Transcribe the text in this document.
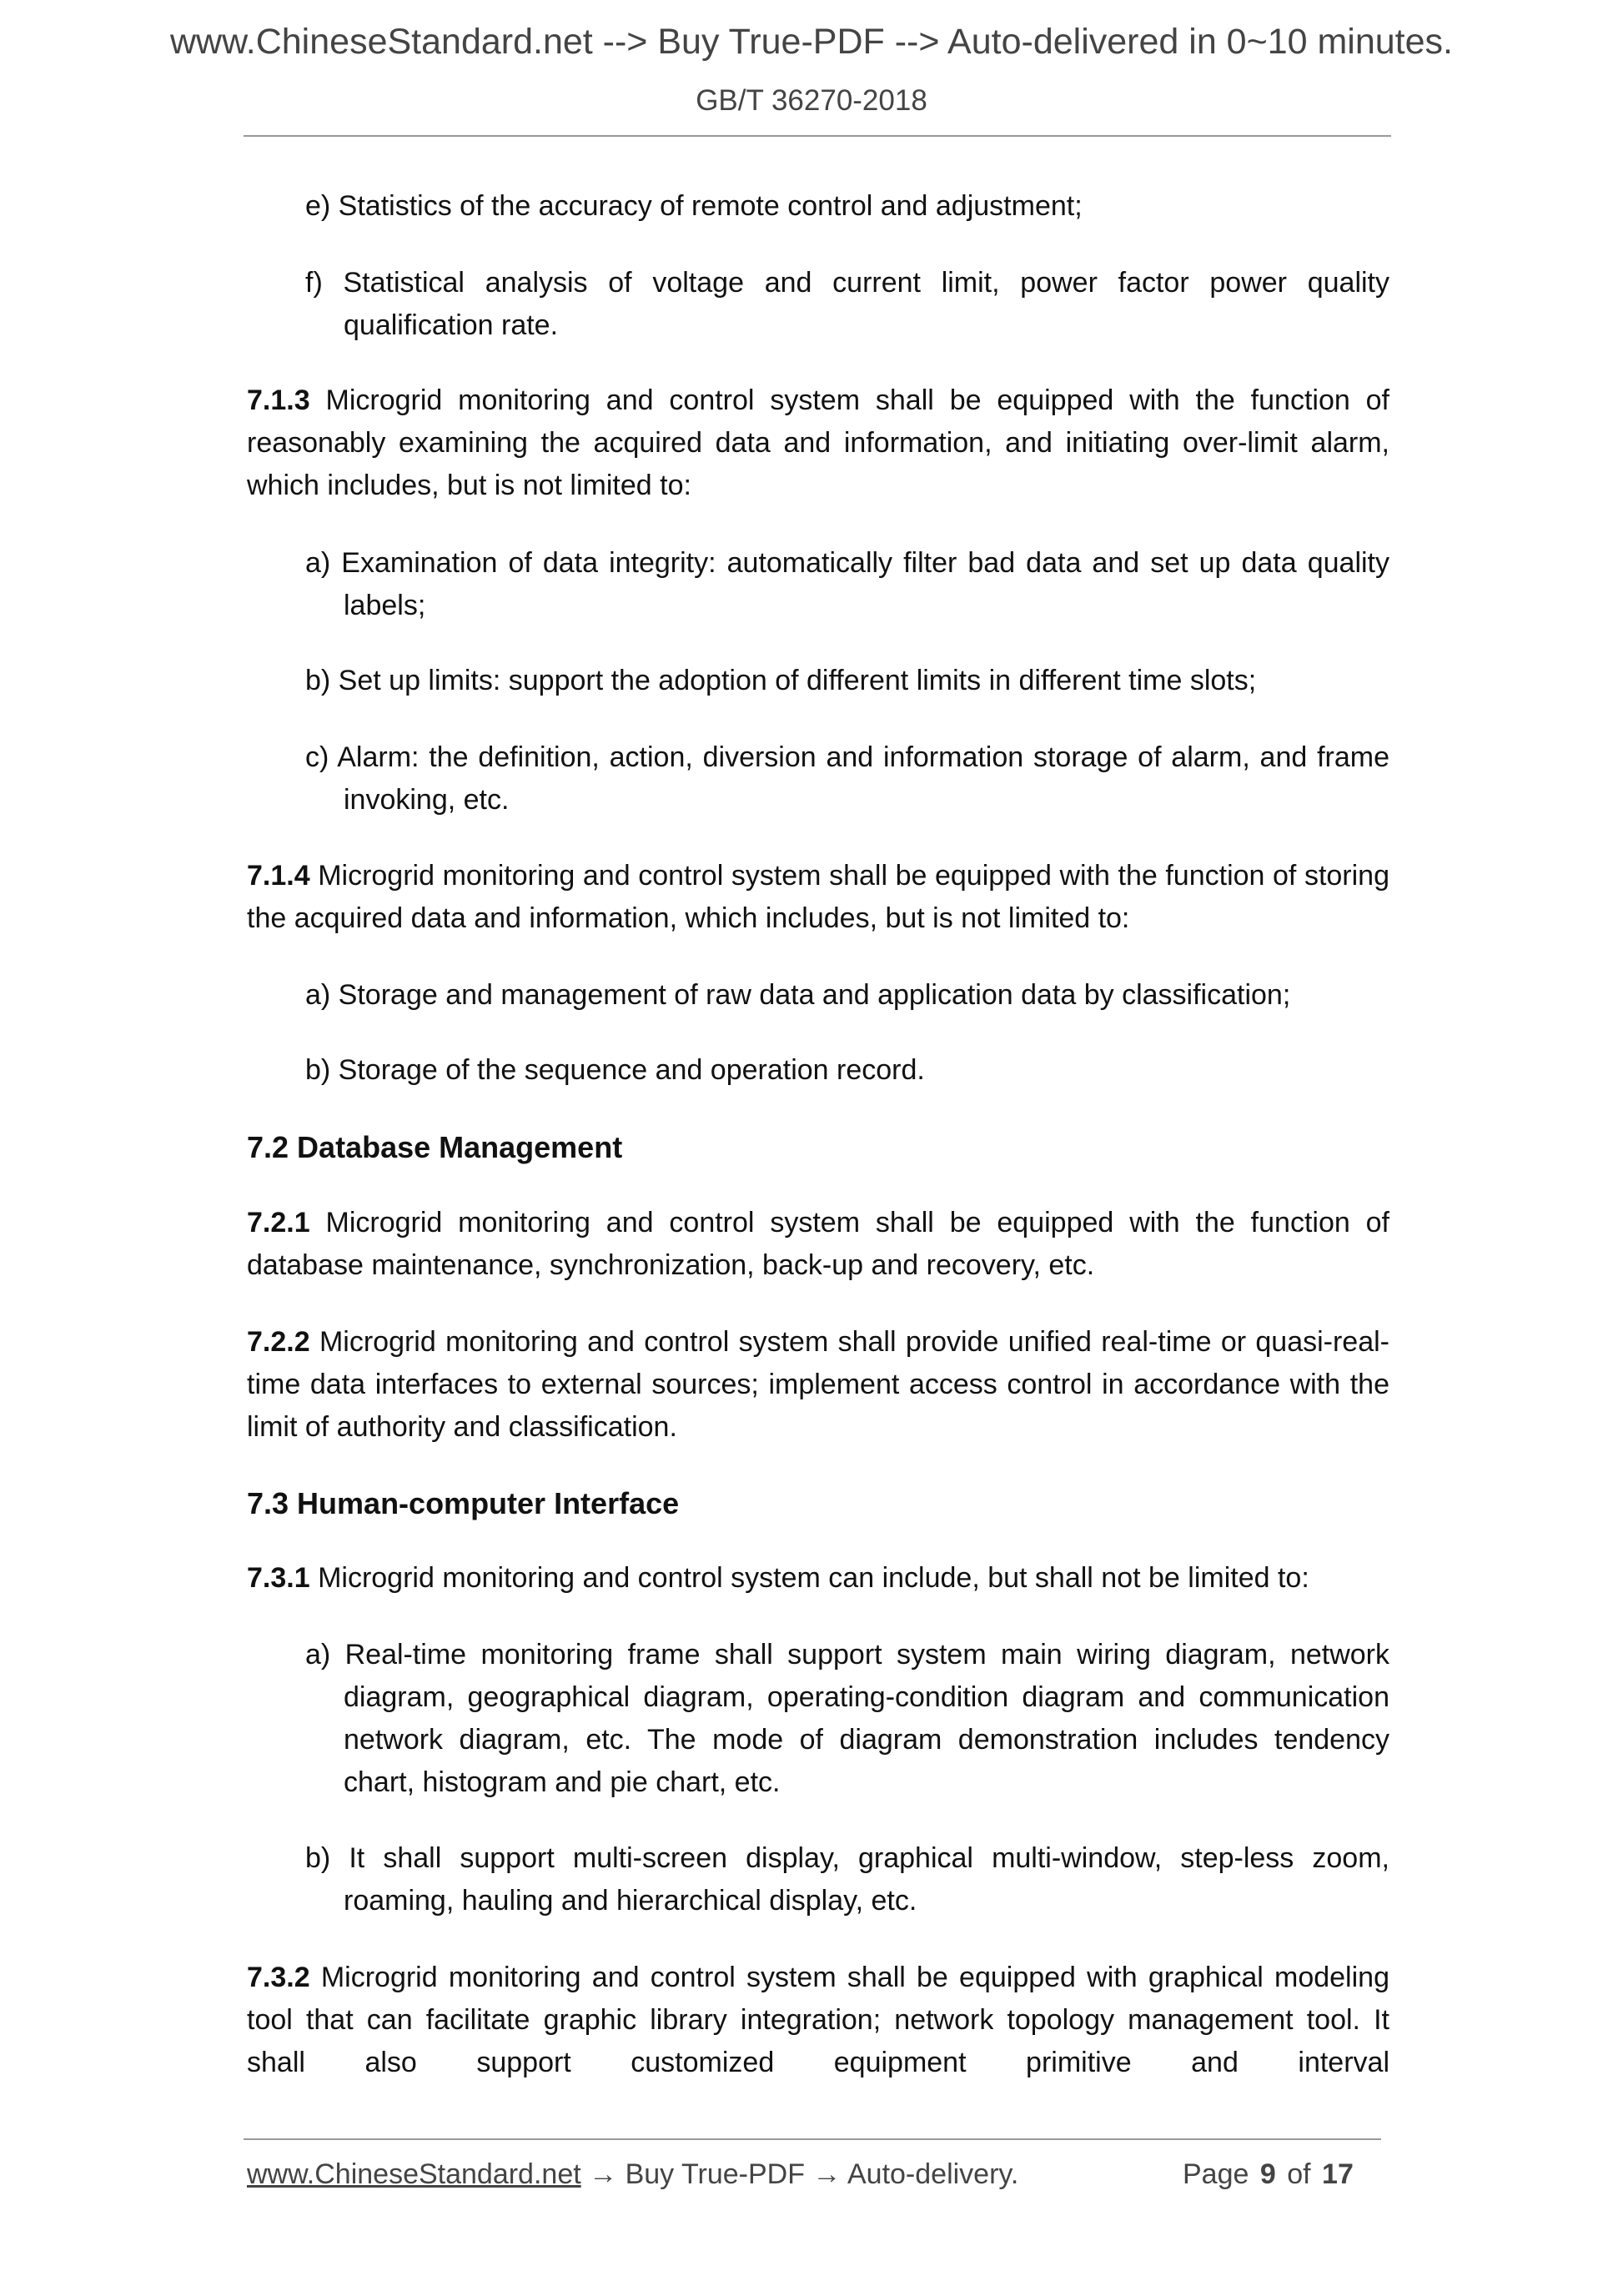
www.ChineseStandard.net --> Buy True-PDF --> Auto-delivered in 0~10 minutes.
GB/T 36270-2018
e) Statistics of the accuracy of remote control and adjustment;
f) Statistical analysis of voltage and current limit, power factor power quality qualification rate.
7.1.3 Microgrid monitoring and control system shall be equipped with the function of reasonably examining the acquired data and information, and initiating over-limit alarm, which includes, but is not limited to:
a) Examination of data integrity: automatically filter bad data and set up data quality labels;
b) Set up limits: support the adoption of different limits in different time slots;
c) Alarm: the definition, action, diversion and information storage of alarm, and frame invoking, etc.
7.1.4 Microgrid monitoring and control system shall be equipped with the function of storing the acquired data and information, which includes, but is not limited to:
a) Storage and management of raw data and application data by classification;
b) Storage of the sequence and operation record.
7.2 Database Management
7.2.1 Microgrid monitoring and control system shall be equipped with the function of database maintenance, synchronization, back-up and recovery, etc.
7.2.2 Microgrid monitoring and control system shall provide unified real-time or quasi-real-time data interfaces to external sources; implement access control in accordance with the limit of authority and classification.
7.3 Human-computer Interface
7.3.1 Microgrid monitoring and control system can include, but shall not be limited to:
a) Real-time monitoring frame shall support system main wiring diagram, network diagram, geographical diagram, operating-condition diagram and communication network diagram, etc. The mode of diagram demonstration includes tendency chart, histogram and pie chart, etc.
b) It shall support multi-screen display, graphical multi-window, step-less zoom, roaming, hauling and hierarchical display, etc.
7.3.2 Microgrid monitoring and control system shall be equipped with graphical modeling tool that can facilitate graphic library integration; network topology management tool. It shall also support customized equipment primitive and interval
www.ChineseStandard.net → Buy True-PDF → Auto-delivery.	Page 9 of 17
